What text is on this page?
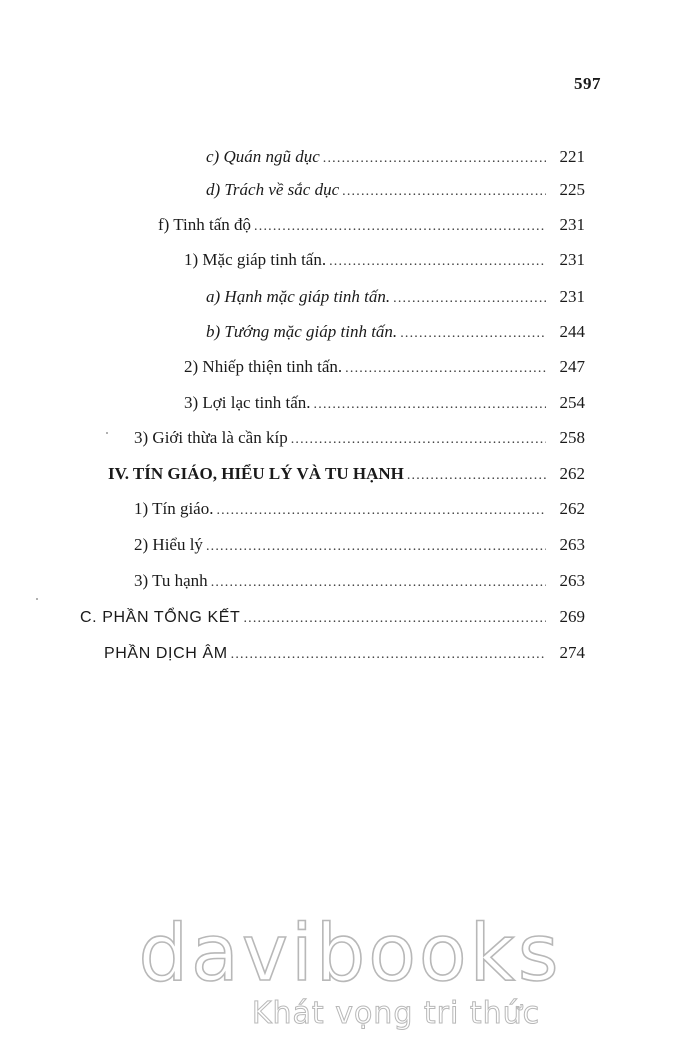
597
c) Quán ngũ dục .....	221
d) Trách về sắc dục .....	225
f) Tinh tấn độ .....	231
1) Mặc giáp tinh tấn. .....	231
a) Hạnh mặc giáp tinh tấn. .....	231
b) Tướng mặc giáp tinh tấn. .....	244
2) Nhiếp thiện tinh tấn. .....	247
3) Lợi lạc tinh tấn. .....	254
3) Giới thừa là cần kíp .....	258
IV. TÍN GIÁO, HIỂU LÝ VÀ TU HẠNH .....	262
1) Tín giáo. .....	262
2) Hiểu lý .....	263
3) Tu hạnh .....	263
C. PHẦN TỔNG KẾT .....	269
PHẦN DỊCH ÂM .....	274
davibooks
Khát vọng tri thức
